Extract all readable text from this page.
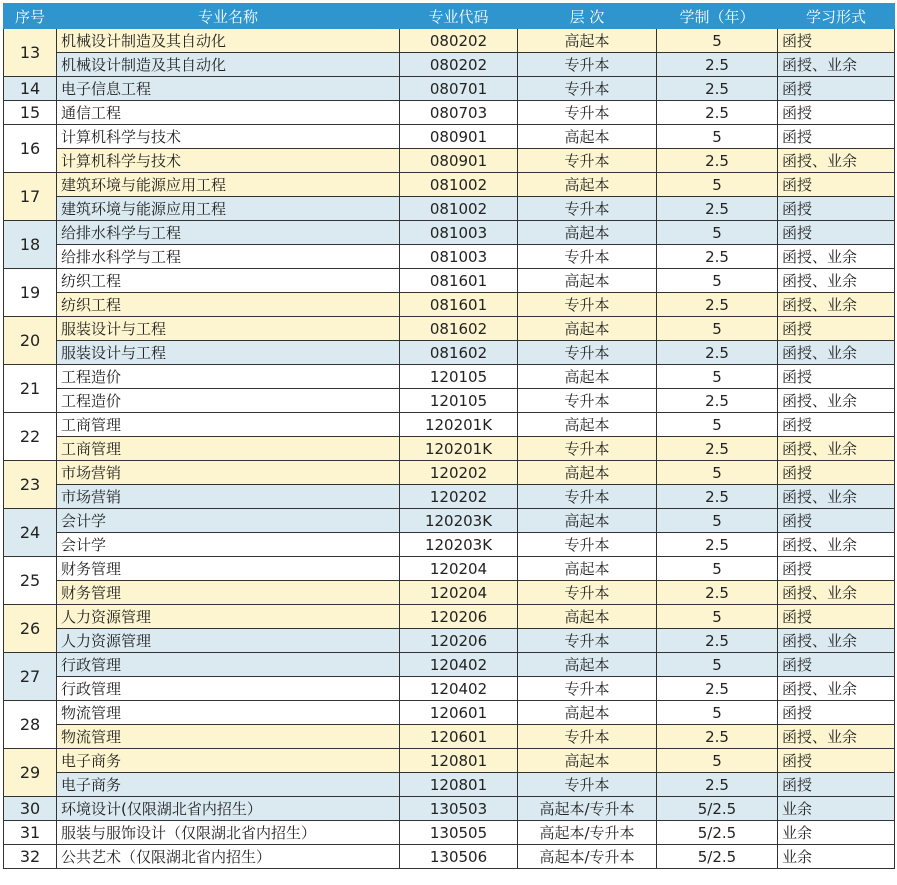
序号	专业名称	专业代码	层 次	学制（年）	学习形式
13	机械设计制造及其自动化	080202	高起本	5	函授
	机械设计制造及其自动化	080202	专升本	2.5	函授、业余
14	电子信息工程	080701	专升本	2.5	函授
15	通信工程	080703	专升本	2.5	函授
16	计算机科学与技术	080901	高起本	5	函授
	计算机科学与技术	080901	专升本	2.5	函授、业余
17	建筑环境与能源应用工程	081002	高起本	5	函授
	建筑环境与能源应用工程	081002	专升本	2.5	函授
18	给排水科学与工程	081003	高起本	5	函授
	给排水科学与工程	081003	专升本	2.5	函授、业余
19	纺织工程	081601	高起本	5	函授、业余
	纺织工程	081601	专升本	2.5	函授、业余
20	服装设计与工程	081602	高起本	5	函授
	服装设计与工程	081602	专升本	2.5	函授、业余
21	工程造价	120105	高起本	5	函授
	工程造价	120105	专升本	2.5	函授、业余
22	工商管理	120201K	高起本	5	函授
	工商管理	120201K	专升本	2.5	函授、业余
23	市场营销	120202	高起本	5	函授
	市场营销	120202	专升本	2.5	函授、业余
24	会计学	120203K	高起本	5	函授
	会计学	120203K	专升本	2.5	函授、业余
25	财务管理	120204	高起本	5	函授
	财务管理	120204	专升本	2.5	函授、业余
26	人力资源管理	120206	高起本	5	函授
	人力资源管理	120206	专升本	2.5	函授、业余
27	行政管理	120402	高起本	5	函授
	行政管理	120402	专升本	2.5	函授、业余
28	物流管理	120601	高起本	5	函授
	物流管理	120601	专升本	2.5	函授、业余
29	电子商务	120801	高起本	5	函授
	电子商务	120801	专升本	2.5	函授
30	环境设计(仅限湖北省内招生）	130503	高起本/专升本	5/2.5	业余
31	服装与服饰设计（仅限湖北省内招生）	130505	高起本/专升本	5/2.5	业余
32	公共艺术（仅限湖北省内招生）	130506	高起本/专升本	5/2.5	业余
